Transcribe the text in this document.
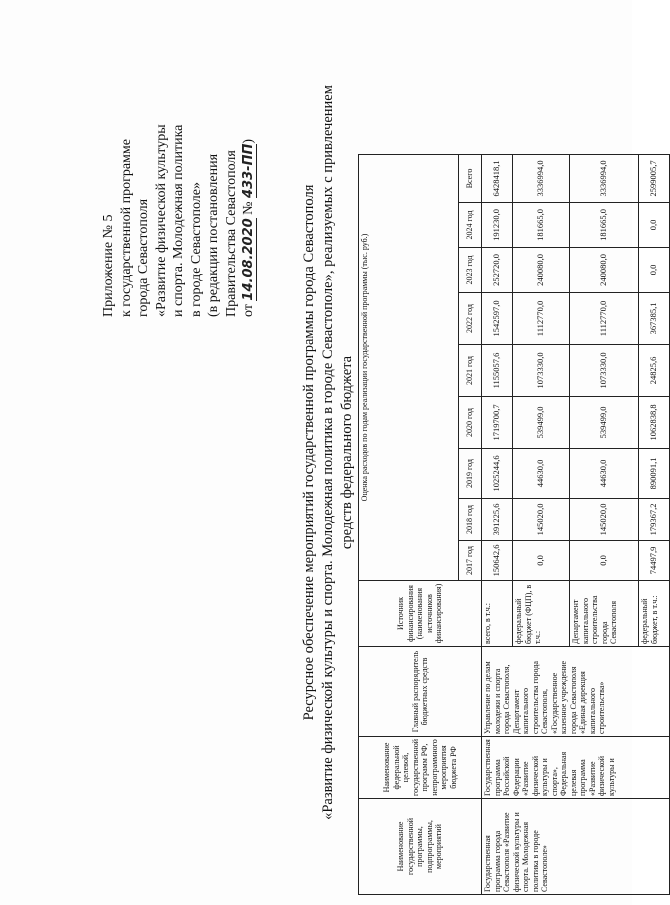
Приложение № 5 к государственной программе города Севастополя «Развитие физической культуры и спорта. Молодежная политика в городе Севастополе» (в редакции постановления Правительства Севастополя от 14.08.2020 № 433-ПП)
Ресурсное обеспечение мероприятий государственной программы города Севастополя «Развитие физической культуры и спорта. Молодежная политика в городе Севастополе», реализуемых с привлечением средств федерального бюджета
Наименование государственной программы, подпрограммы, мероприятий	Наименование федеральной целевой, государственной программ РФ, непрограммного мероприятия бюджета РФ	Главный распорядитель бюджетных средств	Источник финансирования (наименования источников финансирования)	Оценка расходов по годам реализации государственной программы (тыс. руб.)								
				2017 год	2018 год	2019 год	2020 год	2021 год	2022 год	2023 год	2024 год	Всего
Государственная программа города Севастополя «Развитие физической культуры и спорта. Молодежная политика в городе Севастополе»	Государственная программа Российской Федерации «Развитие физической культуры и спорта», Федеральная целевая программа «Развитие физической культуры и	Управление по делам молодежи и спорта города Севастополя, Департамент капитального строительства города Севастополя, «Государственное казенное учреждение города Севастополя «Единая дирекция капитального строительства»	всего, в т.ч.:	150642,6	391225,6	1025244,6	1719700,7	1155057,6	1542597,0	252720,0	191230,0	6428418,1
			федеральный бюджет (ФЦП), в т.ч.:	0,0	145020,0	44630,0	539499,0	1073330,0	1112770,0	240080,0	181665,0	3336994,0
			Департамент капитального строительства города Севастополя	0,0	145020,0	44630,0	539499,0	1073330,0	1112770,0	240080,0	181665,0	3336994,0
			федеральный бюджет, в т.ч.:	74497,9	179367,2	890091,1	1062838,8	24825,6	367385,1	0,0	0,0	2599005,7
